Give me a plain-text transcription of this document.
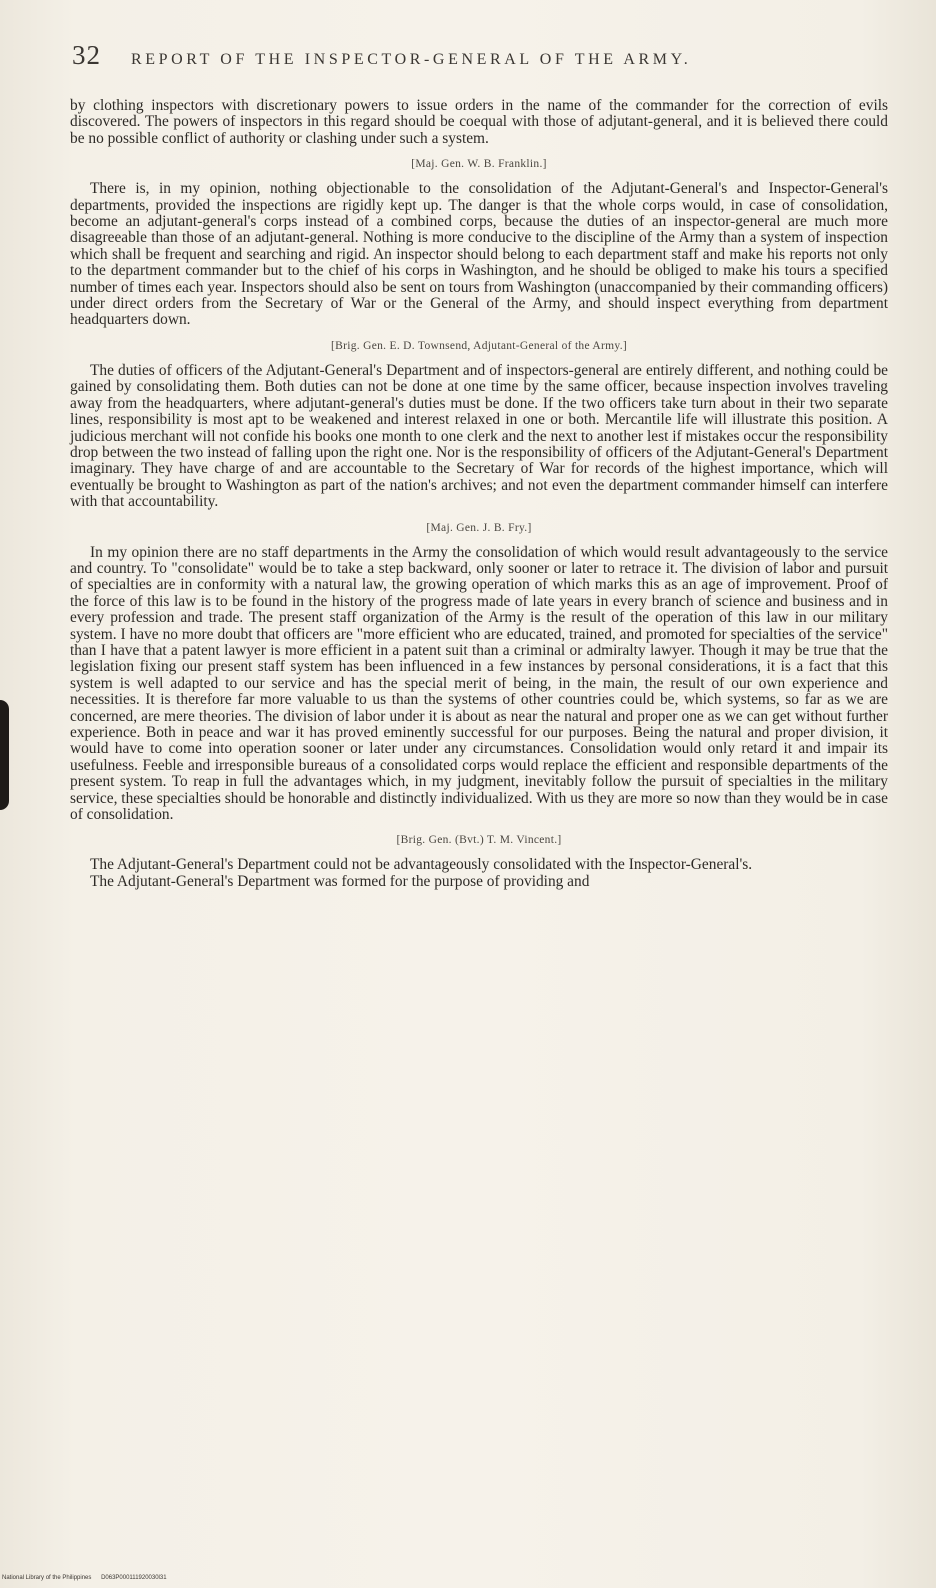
32 REPORT OF THE INSPECTOR-GENERAL OF THE ARMY.

by clothing inspectors with discretionary powers to issue orders in the name of the commander for the correction of evils discovered. The powers of inspectors in this regard should be coequal with those of adjutant-general, and it is believed there could be no possible conflict of authority or clashing under such a system.

[Maj. Gen. W. B. Franklin.]

There is, in my opinion, nothing objectionable to the consolidation of the Adjutant-General's and Inspector-General's departments, provided the inspections are rigidly kept up. The danger is that the whole corps would, in case of consolidation, become an adjutant-general's corps instead of a combined corps, because the duties of an inspector-general are much more disagreeable than those of an adjutant-general. Nothing is more conducive to the discipline of the Army than a system of inspection which shall be frequent and searching and rigid. An inspector should belong to each department staff and make his reports not only to the department commander but to the chief of his corps in Washington, and he should be obliged to make his tours a specified number of times each year. Inspectors should also be sent on tours from Washington (unaccompanied by their commanding officers) under direct orders from the Secretary of War or the General of the Army, and should inspect everything from department headquarters down.

[Brig. Gen. E. D. Townsend, Adjutant-General of the Army.]

The duties of officers of the Adjutant-General's Department and of inspectors-general are entirely different, and nothing could be gained by consolidating them. Both duties can not be done at one time by the same officer, because inspection involves traveling away from the headquarters, where adjutant-general's duties must be done. If the two officers take turn about in their two separate lines, responsibility is most apt to be weakened and interest relaxed in one or both. Mercantile life will illustrate this position. A judicious merchant will not confide his books one month to one clerk and the next to another lest if mistakes occur the responsibility drop between the two instead of falling upon the right one. Nor is the responsibility of officers of the Adjutant-General's Department imaginary. They have charge of and are accountable to the Secretary of War for records of the highest importance, which will eventually be brought to Washington as part of the nation's archives; and not even the department commander himself can interfere with that accountability.

[Maj. Gen. J. B. Fry.]

In my opinion there are no staff departments in the Army the consolidation of which would result advantageously to the service and country. To "consolidate" would be to take a step backward, only sooner or later to retrace it. The division of labor and pursuit of specialties are in conformity with a natural law, the growing operation of which marks this as an age of improvement. Proof of the force of this law is to be found in the history of the progress made of late years in every branch of science and business and in every profession and trade. The present staff organization of the Army is the result of the operation of this law in our military system. I have no more doubt that officers are "more efficient who are educated, trained, and promoted for specialties of the service" than I have that a patent lawyer is more efficient in a patent suit than a criminal or admiralty lawyer. Though it may be true that the legislation fixing our present staff system has been influenced in a few instances by personal considerations, it is a fact that this system is well adapted to our service and has the special merit of being, in the main, the result of our own experience and necessities. It is therefore far more valuable to us than the systems of other countries could be, which systems, so far as we are concerned, are mere theories. The division of labor under it is about as near the natural and proper one as we can get without further experience. Both in peace and war it has proved eminently successful for our purposes. Being the natural and proper division, it would have to come into operation sooner or later under any circumstances. Consolidation would only retard it and impair its usefulness. Feeble and irresponsible bureaus of a consolidated corps would replace the efficient and responsible departments of the present system. To reap in full the advantages which, in my judgment, inevitably follow the pursuit of specialties in the military service, these specialties should be honorable and distinctly individualized. With us they are more so now than they would be in case of consolidation.

[Brig. Gen. (Bvt.) T. M. Vincent.]

The Adjutant-General's Department could not be advantageously consolidated with the Inspector-General's.

The Adjutant-General's Department was formed for the purpose of providing and

National Library of the Philippines D063P000111920030l31
